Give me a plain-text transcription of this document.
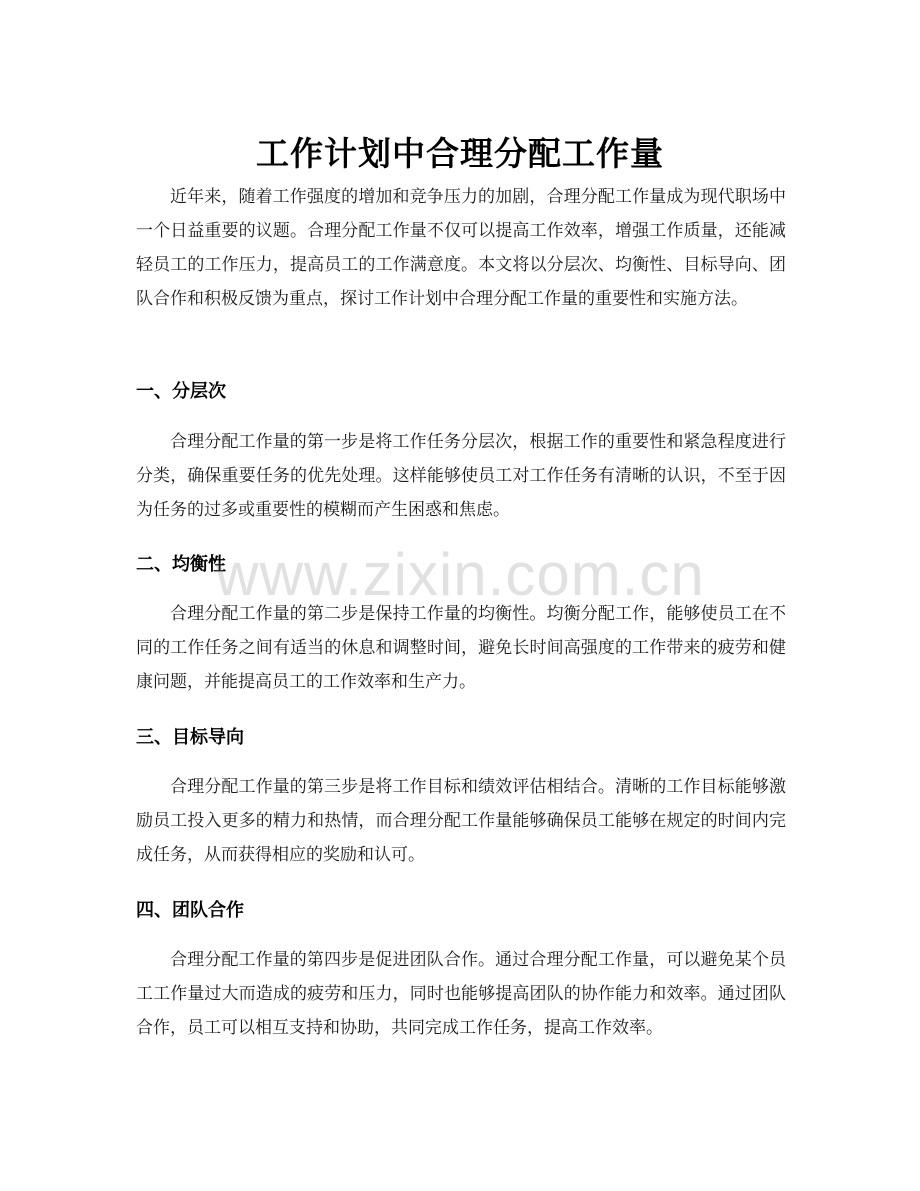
工作计划中合理分配工作量

近年来，随着工作强度的增加和竞争压力的加剧，合理分配工作量成为现代职场中一个日益重要的议题。合理分配工作量不仅可以提高工作效率，增强工作质量，还能减轻员工的工作压力，提高员工的工作满意度。本文将以分层次、均衡性、目标导向、团队合作和积极反馈为重点，探讨工作计划中合理分配工作量的重要性和实施方法。

一、分层次

合理分配工作量的第一步是将工作任务分层次，根据工作的重要性和紧急程度进行分类，确保重要任务的优先处理。这样能够使员工对工作任务有清晰的认识，不至于因为任务的过多或重要性的模糊而产生困惑和焦虑。

二、均衡性

合理分配工作量的第二步是保持工作量的均衡性。均衡分配工作，能够使员工在不同的工作任务之间有适当的休息和调整时间，避免长时间高强度的工作带来的疲劳和健康问题，并能提高员工的工作效率和生产力。

三、目标导向

合理分配工作量的第三步是将工作目标和绩效评估相结合。清晰的工作目标能够激励员工投入更多的精力和热情，而合理分配工作量能够确保员工能够在规定的时间内完成任务，从而获得相应的奖励和认可。

四、团队合作

合理分配工作量的第四步是促进团队合作。通过合理分配工作量，可以避免某个员工工作量过大而造成的疲劳和压力，同时也能够提高团队的协作能力和效率。通过团队合作，员工可以相互支持和协助，共同完成工作任务，提高工作效率。

www.zixin.com.cn
